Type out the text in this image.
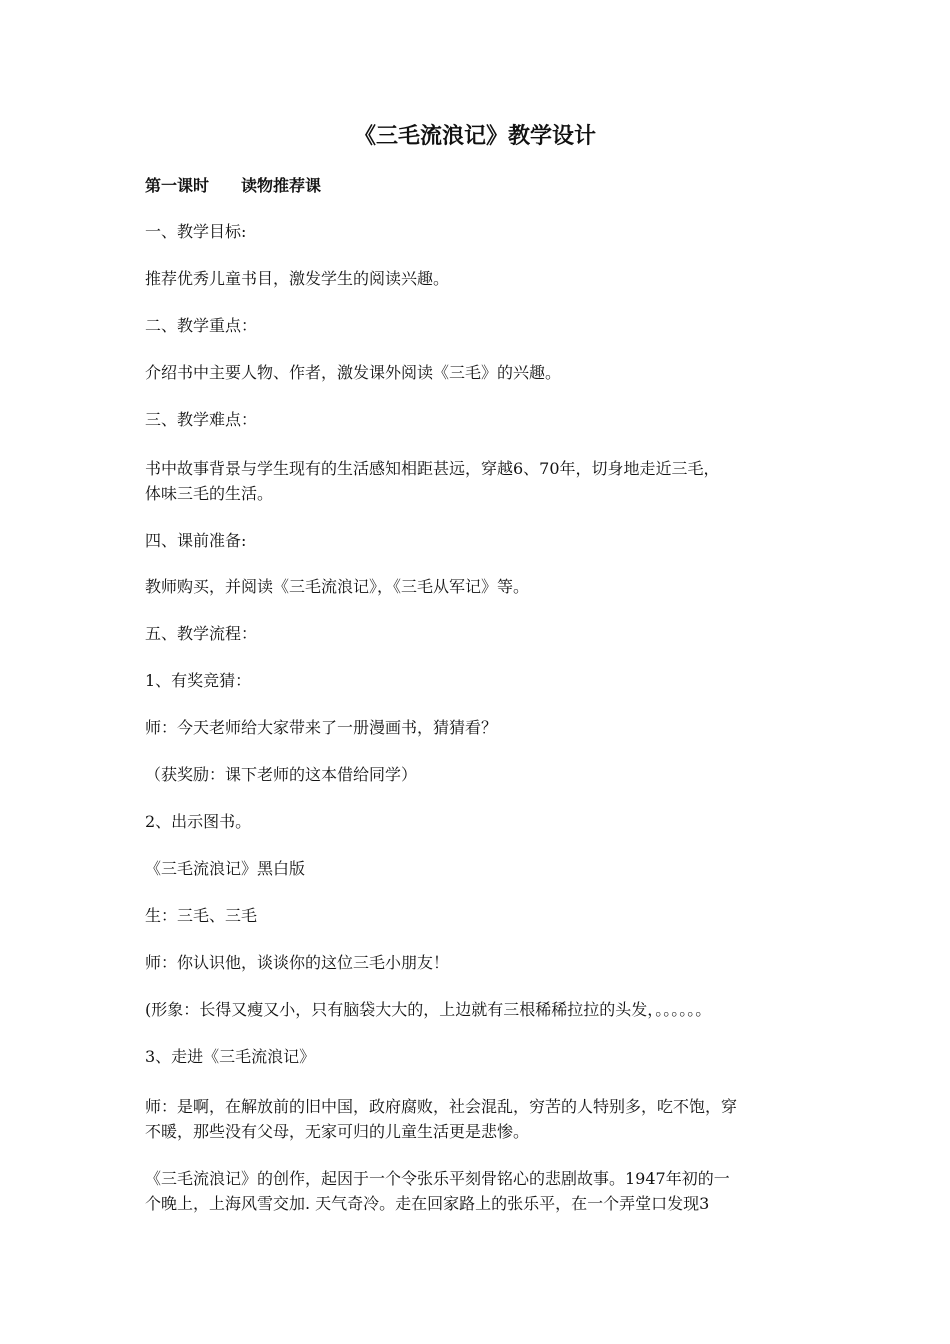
《三毛流浪记》教学设计

第一课时 读物推荐课

一、教学目标:

推荐优秀儿童书目，激发学生的阅读兴趣。

二、教学重点：

介绍书中主要人物、作者，激发课外阅读《三毛》的兴趣。

三、教学难点：

书中故事背景与学生现有的生活感知相距甚远，穿越6、70年，切身地走近三毛，

体味三毛的生活。

四、课前准备:

教师购买，并阅读《三毛流浪记》，《三毛从军记》等。

五、教学流程：

1、有奖竞猜：

师：今天老师给大家带来了一册漫画书，猜猜看？

（获奖励：课下老师的这本借给同学）

2、出示图书。

《三毛流浪记》黑白版

生：三毛、三毛

师：你认识他，谈谈你的这位三毛小朋友！

(形象：长得又瘦又小，只有脑袋大大的，上边就有三根稀稀拉拉的头发，。。。。。。

3、走进《三毛流浪记》

师：是啊，在解放前的旧中国，政府腐败，社会混乱，穷苦的人特别多，吃不饱，穿

不暖，那些没有父母，无家可归的儿童生活更是悲惨。

《三毛流浪记》的创作，起因于一个令张乐平刻骨铭心的悲剧故事。1947年初的一

个晚上，上海风雪交加. 天气奇冷。走在回家路上的张乐平，在一个弄堂口发现3
